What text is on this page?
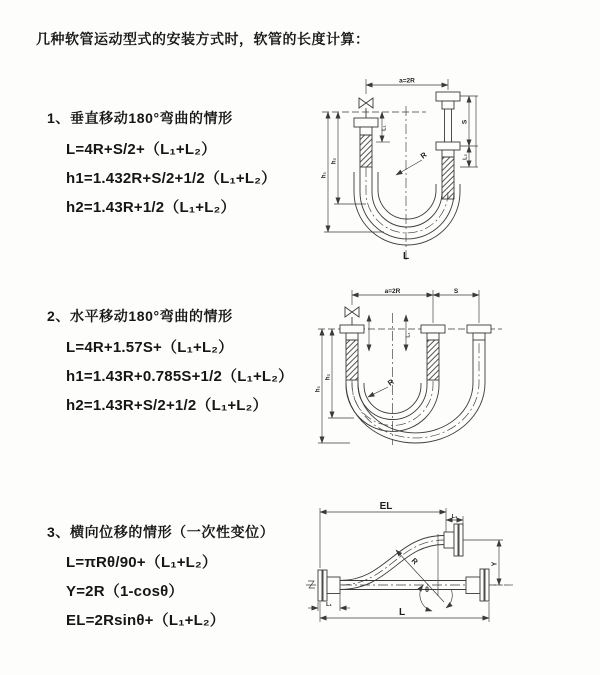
几种软管运动型式的安装方式时，软管的长度计算：
1、垂直移动180°弯曲的情形
L=4R+S/2+（L₁+L₂）
h1=1.432R+S/2+1/2（L₁+L₂）
h2=1.43R+1/2（L₁+L₂）
2、水平移动180°弯曲的情形
L=4R+1.57S+（L₁+L₂）
h1=1.43R+0.785S+1/2（L₁+L₂）
h2=1.43R+S/2+1/2（L₁+L₂）
3、横向位移的情形（一次性变位）
L=πRθ/90+（L₁+L₂）
Y=2R（1-cosθ）
EL=2Rsinθ+（L₁+L₂）
a=2R
R
L
h₁
h₂
L₁
S
L₂
a=2R	S
h₁
h₂
L₁
R
EL
L₁
Y
L
L₁
θ
R
